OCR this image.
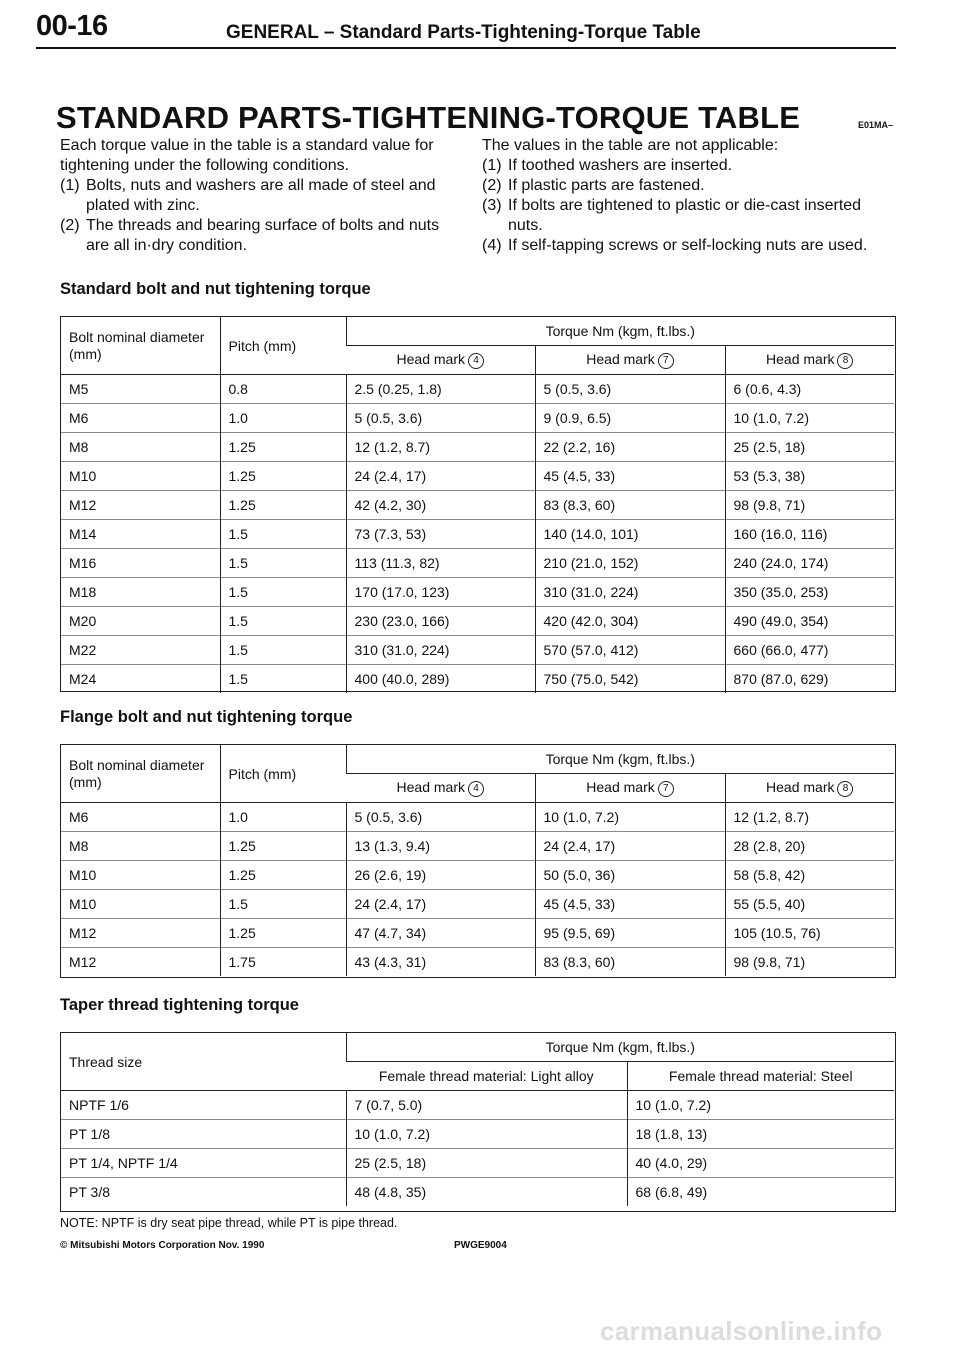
00-16	GENERAL – Standard Parts-Tightening-Torque Table
STANDARD PARTS-TIGHTENING-TORQUE TABLE	E01MA–

Each torque value in the table is a standard value for tightening under the following conditions.

(1) Bolts, nuts and washers are all made of steel and plated with zinc.
(2) The threads and bearing surface of bolts and nuts are all in·dry condition.

The values in the table are not applicable:

(1) If toothed washers are inserted.
(2) If plastic parts are fastened.
(3) If bolts are tightened to plastic or die-cast inserted nuts.
(4) If self-tapping screws or self-locking nuts are used.
Standard bolt and nut tightening torque
Bolt nominal diameter (mm)	Pitch (mm)	Torque Nm (kgm, ft.lbs.)		
		Head mark 4	Head mark 7	Head mark 8
M5	0.8	2.5 (0.25, 1.8)	5 (0.5, 3.6)	6 (0.6, 4.3)
M6	1.0	5 (0.5, 3.6)	9 (0.9, 6.5)	10 (1.0, 7.2)
M8	1.25	12 (1.2, 8.7)	22 (2.2, 16)	25 (2.5, 18)
M10	1.25	24 (2.4, 17)	45 (4.5, 33)	53 (5.3, 38)
M12	1.25	42 (4.2, 30)	83 (8.3, 60)	98 (9.8, 71)
M14	1.5	73 (7.3, 53)	140 (14.0, 101)	160 (16.0, 116)
M16	1.5	113 (11.3, 82)	210 (21.0, 152)	240 (24.0, 174)
M18	1.5	170 (17.0, 123)	310 (31.0, 224)	350 (35.0, 253)
M20	1.5	230 (23.0, 166)	420 (42.0, 304)	490 (49.0, 354)
M22	1.5	310 (31.0, 224)	570 (57.0, 412)	660 (66.0, 477)
M24	1.5	400 (40.0, 289)	750 (75.0, 542)	870 (87.0, 629)
Flange bolt and nut tightening torque
Bolt nominal diameter (mm)	Pitch (mm)	Torque Nm (kgm, ft.lbs.)		
		Head mark 4	Head mark 7	Head mark 8
M6	1.0	5 (0.5, 3.6)	10 (1.0, 7.2)	12 (1.2, 8.7)
M8	1.25	13 (1.3, 9.4)	24 (2.4, 17)	28 (2.8, 20)
M10	1.25	26 (2.6, 19)	50 (5.0, 36)	58 (5.8, 42)
M10	1.5	24 (2.4, 17)	45 (4.5, 33)	55 (5.5, 40)
M12	1.25	47 (4.7, 34)	95 (9.5, 69)	105 (10.5, 76)
M12	1.75	43 (4.3, 31)	83 (8.3, 60)	98 (9.8, 71)
Taper thread tightening torque
Thread size	Torque Nm (kgm, ft.lbs.)	
	Female thread material: Light alloy	Female thread material: Steel
NPTF 1/6	7 (0.7, 5.0)	10 (1.0, 7.2)
PT 1/8	10 (1.0, 7.2)	18 (1.8, 13)
PT 1/4, NPTF 1/4	25 (2.5, 18)	40 (4.0, 29)
PT 3/8	48 (4.8, 35)	68 (6.8, 49)
NOTE: NPTF is dry seat pipe thread, while PT is pipe thread.
© Mitsubishi Motors Corporation Nov. 1990	PWGE9004
carmanualsonline.info
